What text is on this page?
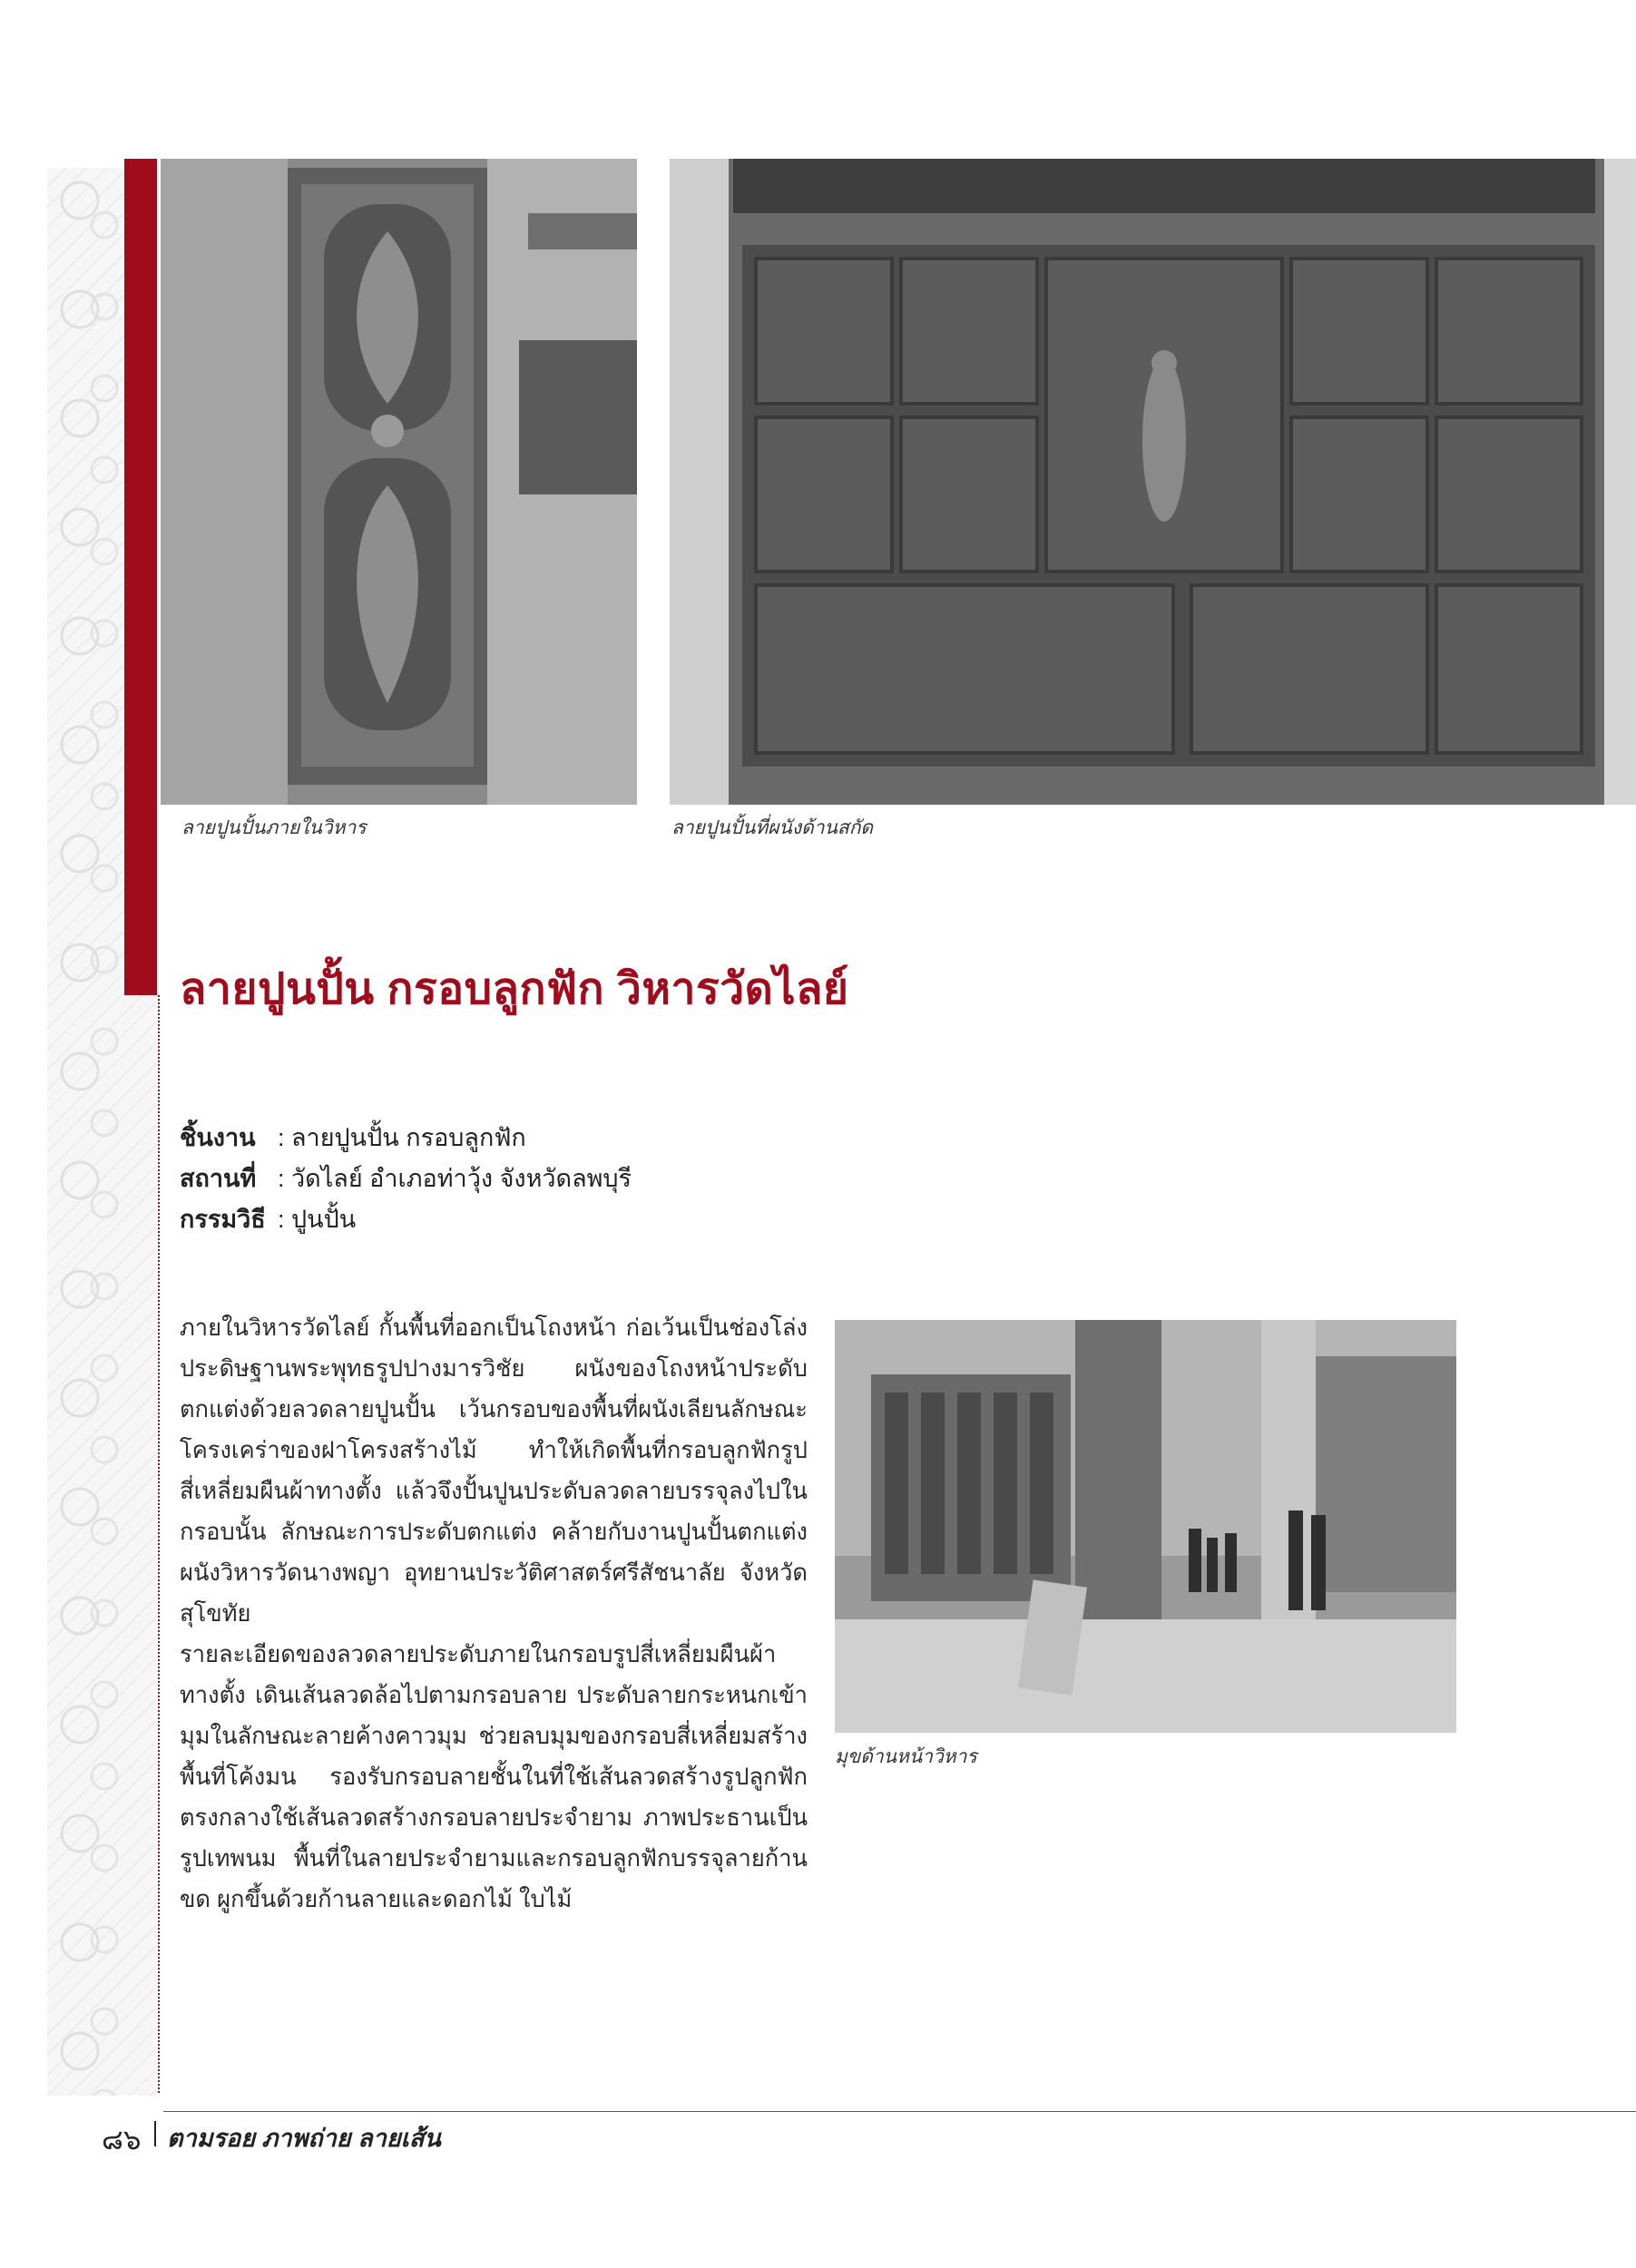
ลายปูนปั้นภายในวิหาร	ลายปูนปั้นที่ผนังด้านสกัด
มุขด้านหน้าวิหาร
ลายปูนปั้น กรอบลูกฟัก วิหารวัดไลย์
ชิ้นงาน : ลายปูนปั้น กรอบลูกฟัก
สถานที่ : วัดไลย์ อำเภอท่าวุ้ง จังหวัดลพบุรี
กรรมวิธี : ปูนปั้น

ภายในวิหารวัดไลย์ กั้นพื้นที่ออกเป็นโถงหน้า ก่อเว้นเป็นช่องโล่ง ประดิษฐานพระพุทธรูปปางมารวิชัย ผนังของโถงหน้าประดับตกแต่งด้วยลวดลายปูนปั้น เว้นกรอบของพื้นที่ผนังเลียนลักษณะโครงเคร่าของฝาโครงสร้างไม้ ทำให้เกิดพื้นที่กรอบลูกฟักรูปสี่เหลี่ยมผืนผ้าทางตั้ง แล้วจึงปั้นปูนประดับลวดลายบรรจุลงไปในกรอบนั้น ลักษณะการประดับตกแต่ง คล้ายกับงานปูนปั้นตกแต่งผนังวิหารวัดนางพญา อุทยานประวัติศาสตร์ศรีสัชนาลัย จังหวัดสุโขทัย

รายละเอียดของลวดลายประดับภายในกรอบรูปสี่เหลี่ยมผืนผ้าทางตั้ง เดินเส้นลวดล้อไปตามกรอบลาย ประดับลายกระหนกเข้ามุมในลักษณะลายค้างคาวมุม ช่วยลบมุมของกรอบสี่เหลี่ยมสร้างพื้นที่โค้งมน รองรับกรอบลายชั้นในที่ใช้เส้นลวดสร้างรูปลูกฟัก ตรงกลางใช้เส้นลวดสร้างกรอบลายประจำยาม ภาพประธานเป็นรูปเทพนม พื้นที่ในลายประจำยามและกรอบลูกฟักบรรจุลายก้านขด ผูกขึ้นด้วยก้านลายและดอกไม้ ใบไม้

๘๖ ตามรอย ภาพถ่าย ลายเส้น
